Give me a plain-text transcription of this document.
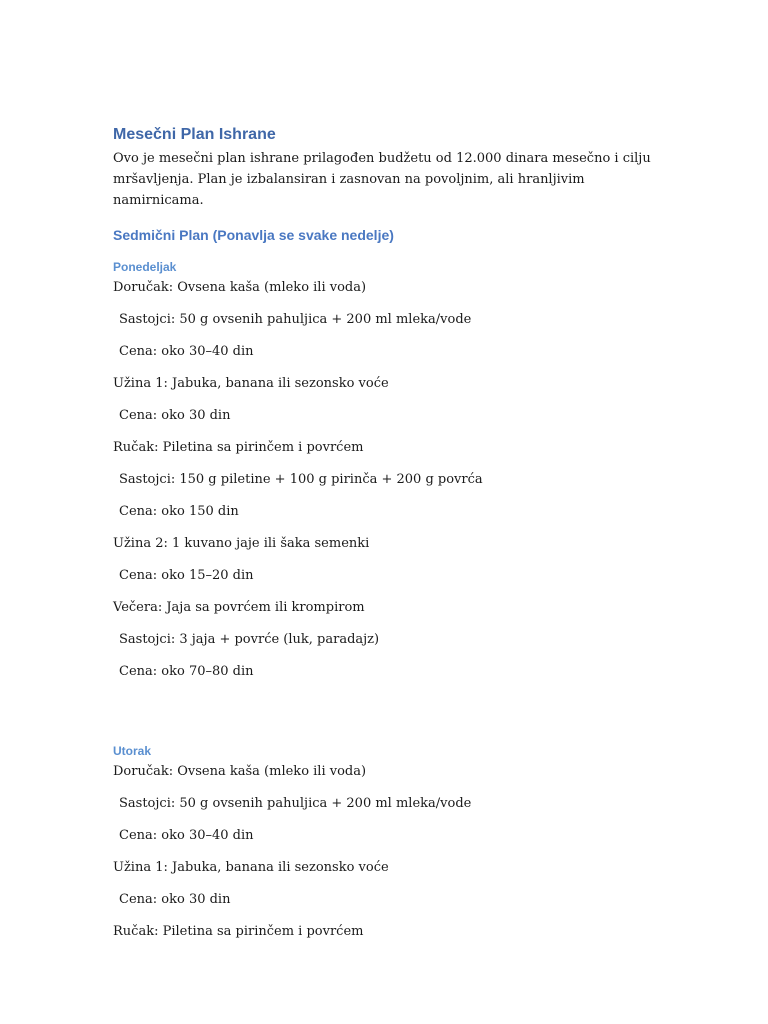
Mesečni Plan Ishrane
Ovo je mesečni plan ishrane prilagođen budžetu od 12.000 dinara mesečno i cilju
mršavljenja. Plan je izbalansiran i zasnovan na povoljnim, ali hranljivim namirnicama.
Sedmični Plan (Ponavlja se svake nedelje)
Ponedeljak
Doručak: Ovsena kaša (mleko ili voda)
Sastojci: 50 g ovsenih pahuljica + 200 ml mleka/vode
Cena: oko 30–40 din
Užina 1: Jabuka, banana ili sezonsko voće
Cena: oko 30 din
Ručak: Piletina sa pirinčem i povrćem
Sastojci: 150 g piletine + 100 g pirinča + 200 g povrća
Cena: oko 150 din
Užina 2: 1 kuvano jaje ili šaka semenki
Cena: oko 15–20 din
Večera: Jaja sa povrćem ili krompirom
Sastojci: 3 jaja + povrće (luk, paradajz)
Cena: oko 70–80 din
Utorak
Doručak: Ovsena kaša (mleko ili voda)
Sastojci: 50 g ovsenih pahuljica + 200 ml mleka/vode
Cena: oko 30–40 din
Užina 1: Jabuka, banana ili sezonsko voće
Cena: oko 30 din
Ručak: Piletina sa pirinčem i povrćem
